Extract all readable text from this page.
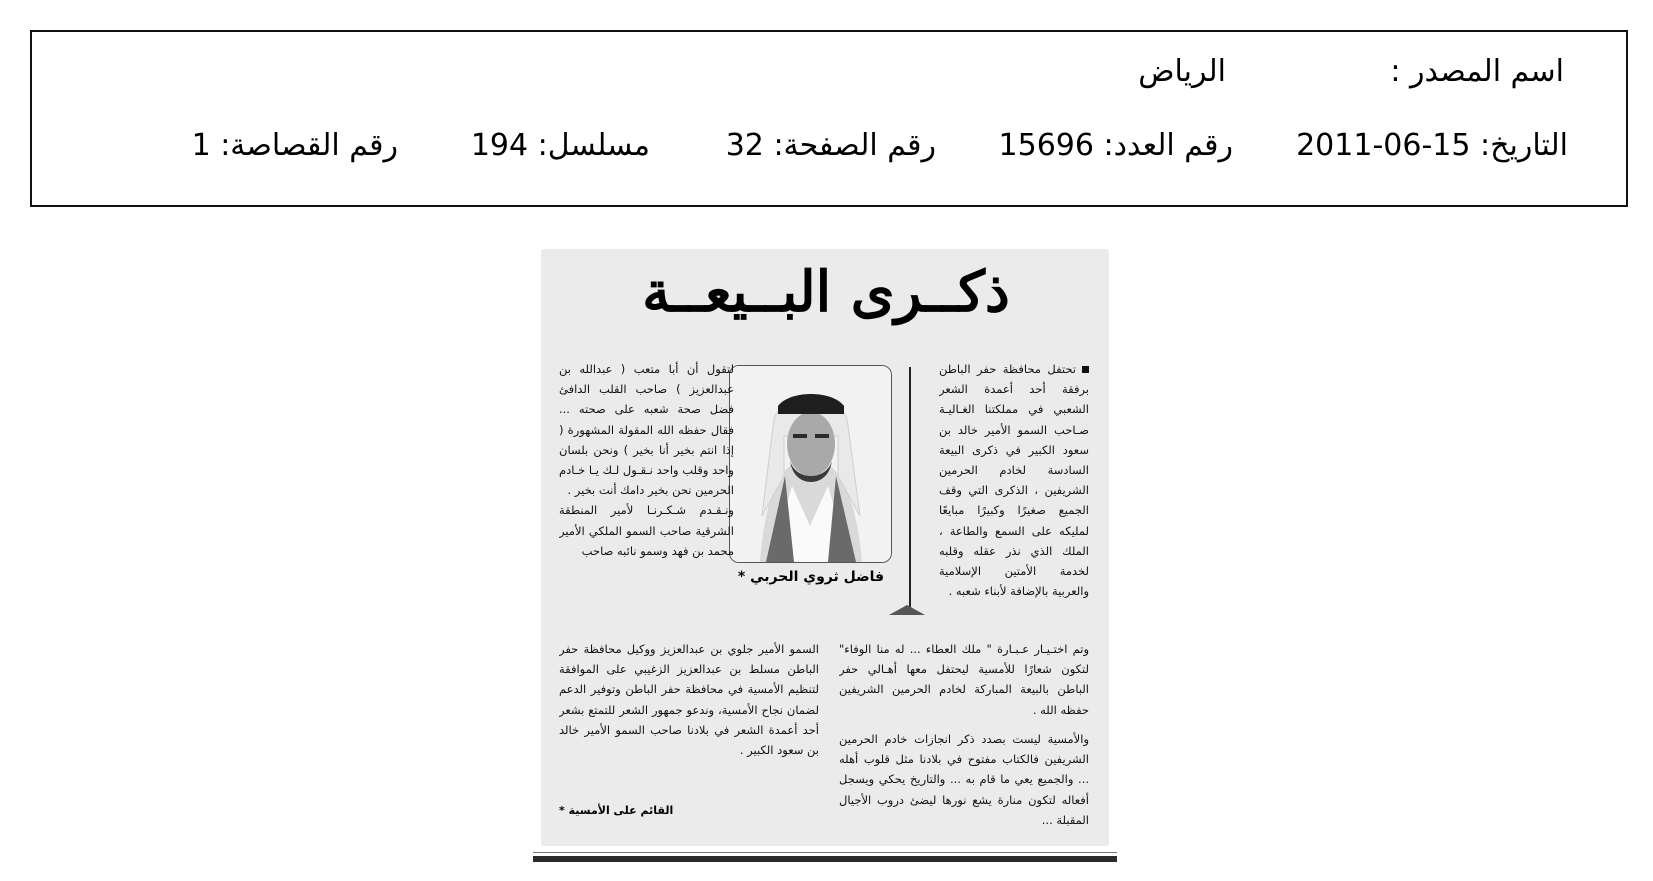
اسم المصدر :
الرياض
التاريخ: 15-06-2011
رقم العدد: 15696
رقم الصفحة: 32
مسلسل: 194
رقم القصاصة: 1
ذكــرى البــيعــة

تحتفل محافظة حفر الباطن برفقة أحد أعمدة الشعر الشعبي في مملكتنا الغـاليـة صـاحب السمو الأمير خالد بن سعود الكبير في ذكرى البيعة السادسة لخادم الحرمين الشريفين ، الذكرى التي وقف الجميع صغيرًا وكبيرًا مبايعًا لمليكه على السمع والطاعة ، الملك الذي نذر عقله وقلبه لخدمة الأمتين الإسلامية والعربية بالإضافة لأبناء شعبه .

فاضل ثروي الحربي *

لتقول أن أبا متعب ( عبدالله بن عبدالعزيز ) صاحب القلب الدافئ فضل صحة شعبه على صحته ... فقال حفظه الله المقولة المشهورة ( إذا انتم بخير أنا بخير ) ونحن بلسان واحد وقلب واحد نـقـول لـك يـا خـادم الحرمين نحن بخير دامك أنت بخير .

ونـقـدم شـكـرنـا لأمير المنطقة الشرقية صاحب السمو الملكي الأمير محمد بن فهد وسمو نائبه صاحب

وتم اختـيـار عـبـارة " ملك العطاء ... له منا الوفاء" لتكون شعارًا للأمسية ليحتفل معها أهـالي حفر الباطن بالبيعة المباركة لخادم الحرمين الشريفين حفظه الله .

والأمسية ليست بصدد ذكر انجازات خادم الحرمين الشريفين فالكتاب مفتوح في بلادنا مثل قلوب أهله ... والجميع يعي ما قام به ... والتاريخ يحكي ويسجل أفعاله لتكون منارة يشع نورها ليضئ دروب الأجيال المقبلة ...

السمو الأمير جلوي بن عبدالعزيز ووكيل محافظة حفر الباطن مسلط بن عبدالعزيز الزغيبي على الموافقة لتنظيم الأمسية في محافظة حفر الباطن وتوفير الدعم لضمان نجاح الأمسية، وندعو جمهور الشعر للتمتع بشعر أحد أعمدة الشعر في بلادنا صاحب السمو الأمير خالد بن سعود الكبير .

* القائم على الأمسية
